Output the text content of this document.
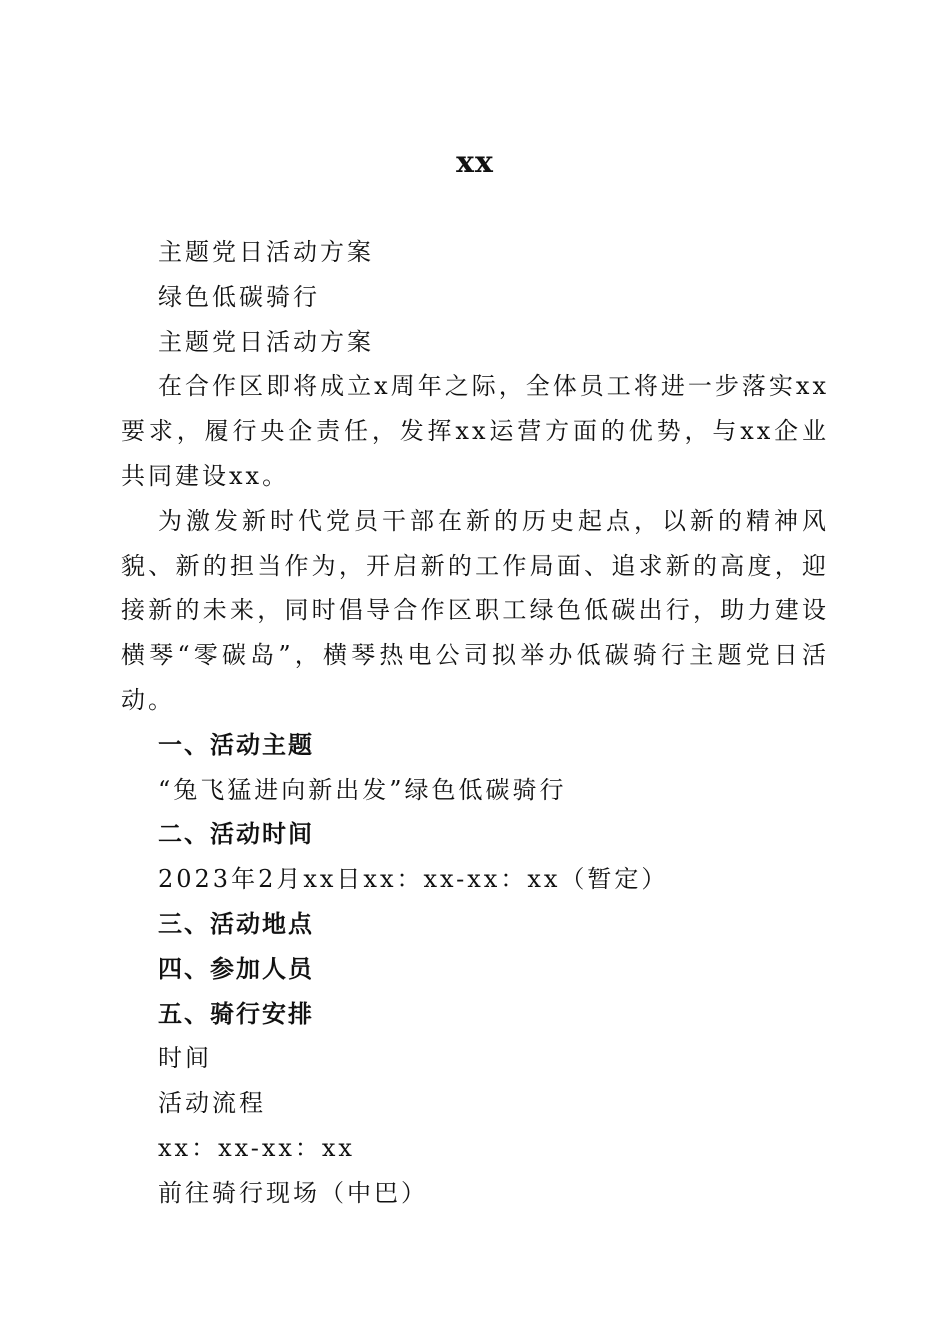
xx

主题党日活动方案

绿色低碳骑行

主题党日活动方案

在合作区即将成立x周年之际，全体员工将进一步落实xx要求，履行央企责任，发挥xx运营方面的优势，与xx企业共同建设xx。

为激发新时代党员干部在新的历史起点，以新的精神风貌、新的担当作为，开启新的工作局面、追求新的高度，迎接新的未来，同时倡导合作区职工绿色低碳出行，助力建设横琴“零碳岛”，横琴热电公司拟举办低碳骑行主题党日活动。

一、活动主题

“兔飞猛进向新出发”绿色低碳骑行

二、活动时间

2023年2月xx日xx：xx-xx：xx（暂定）

三、活动地点

四、参加人员

五、骑行安排

时间

活动流程

xx：xx-xx：xx

前往骑行现场（中巴）
